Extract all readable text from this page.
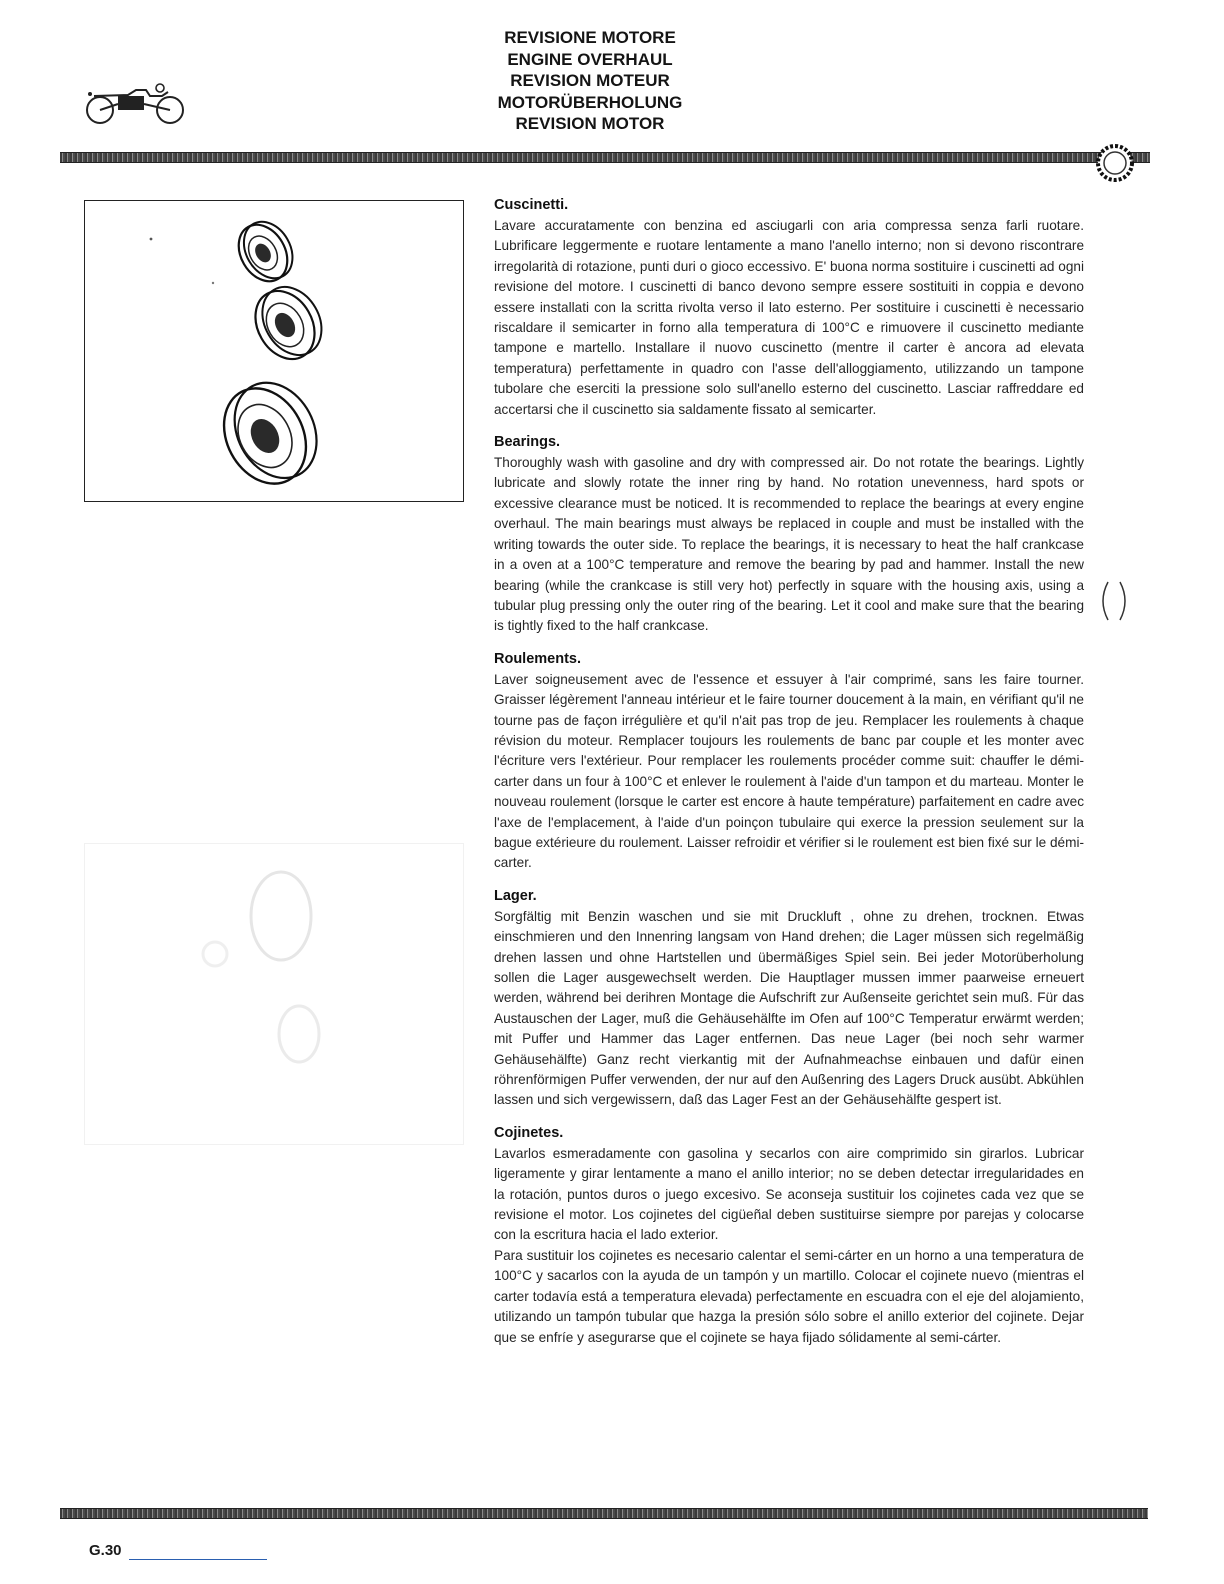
REVISIONE MOTORE
ENGINE OVERHAUL
REVISION MOTEUR
MOTORÜBERHOLUNG
REVISION MOTOR
Cuscinetti.

Lavare accuratamente con benzina ed asciugarli con aria compressa senza farli ruotare. Lubrificare leggermente e ruotare lentamente a mano l'anello interno; non si devono riscontrare irregolarità di rotazione, punti duri o gioco eccessivo. E' buona norma sostituire i cuscinetti ad ogni revisione del motore. I cuscinetti di banco devono sempre essere sostituiti in coppia e devono essere installati con la scritta rivolta verso il lato esterno. Per sostituire i cuscinetti è necessario riscaldare il semicarter in forno alla temperatura di 100°C e rimuovere il cuscinetto mediante tampone e martello. Installare il nuovo cuscinetto (mentre il carter è ancora ad elevata temperatura) perfettamente in quadro con l'asse dell'alloggiamento, utilizzando un tampone tubolare che eserciti la pressione solo sull'anello esterno del cuscinetto. Lasciar raffreddare ed accertarsi che il cuscinetto sia saldamente fissato al semicarter.

Bearings.

Thoroughly wash with gasoline and dry with compressed air. Do not rotate the bearings. Lightly lubricate and slowly rotate the inner ring by hand. No rotation unevenness, hard spots or excessive clearance must be noticed. It is recommended to replace the bearings at every engine overhaul. The main bearings must always be replaced in couple and must be installed with the writing towards the outer side. To replace the bearings, it is necessary to heat the half crankcase in a oven at a 100°C temperature and remove the bearing by pad and hammer. Install the new bearing (while the crankcase is still very hot) perfectly in square with the housing axis, using a tubular plug pressing only the outer ring of the bearing. Let it cool and make sure that the bearing is tightly fixed to the half crankcase.

Roulements.

Laver soigneusement avec de l'essence et essuyer à l'air comprimé, sans les faire tourner. Graisser légèrement l'anneau intérieur et le faire tourner doucement à la main, en vérifiant qu'il ne tourne pas de façon irrégulière et qu'il n'ait pas trop de jeu. Remplacer les roulements à chaque révision du moteur. Remplacer toujours les roulements de banc par couple et les monter avec l'écriture vers l'extérieur. Pour remplacer les roulements procéder comme suit: chauffer le démi-carter dans un four à 100°C et enlever le roulement à l'aide d'un tampon et du marteau. Monter le nouveau roulement (lorsque le carter est encore à haute température) parfaitement en cadre avec l'axe de l'emplacement, à l'aide d'un poinçon tubulaire qui exerce la pression seulement sur la bague extérieure du roulement. Laisser refroidir et vérifier si le roulement est bien fixé sur le démi-carter.

Lager.

Sorgfältig mit Benzin waschen und sie mit Druckluft , ohne zu drehen, trocknen. Etwas einschmieren und den Innenring langsam von Hand drehen; die Lager müssen sich regelmäßig drehen lassen und ohne Hartstellen und übermäßiges Spiel sein. Bei jeder Motorüberholung sollen die Lager ausgewechselt werden. Die Hauptlager mussen immer paarweise erneuert werden, während bei derihren Montage die Aufschrift zur Außenseite gerichtet sein muß. Für das Austauschen der Lager, muß die Gehäusehälfte im Ofen auf 100°C Temperatur erwärmt werden; mit Puffer und Hammer das Lager entfernen. Das neue Lager (bei noch sehr warmer Gehäusehälfte) Ganz recht vierkantig mit der Aufnahmeachse einbauen und dafür einen röhrenförmigen Puffer verwenden, der nur auf den Außenring des Lagers Druck ausübt. Abkühlen lassen und sich vergewissern, daß das Lager Fest an der Gehäusehälfte gespert ist.

Cojinetes.

Lavarlos esmeradamente con gasolina y secarlos con aire comprimido sin girarlos. Lubricar ligeramente y girar lentamente a mano el anillo interior; no se deben detectar irregularidades en la rotación, puntos duros o juego excesivo. Se aconseja sustituir los cojinetes cada vez que se revisione el motor. Los cojinetes del cigüeñal deben sustituirse siempre por parejas y colocarse con la escritura hacia el lado exterior.

Para sustituir los cojinetes es necesario calentar el semi-cárter en un horno a una temperatura de 100°C y sacarlos con la ayuda de un tampón y un martillo. Colocar el cojinete nuevo (mientras el carter todavía está a temperatura elevada) perfectamente en escuadra con el eje del alojamiento, utilizando un tampón tubular que hazga la presión sólo sobre el anillo exterior del cojinete. Dejar que se enfríe y asegurarse que el cojinete se haya fijado sólidamente al semi-cárter.

G.30
